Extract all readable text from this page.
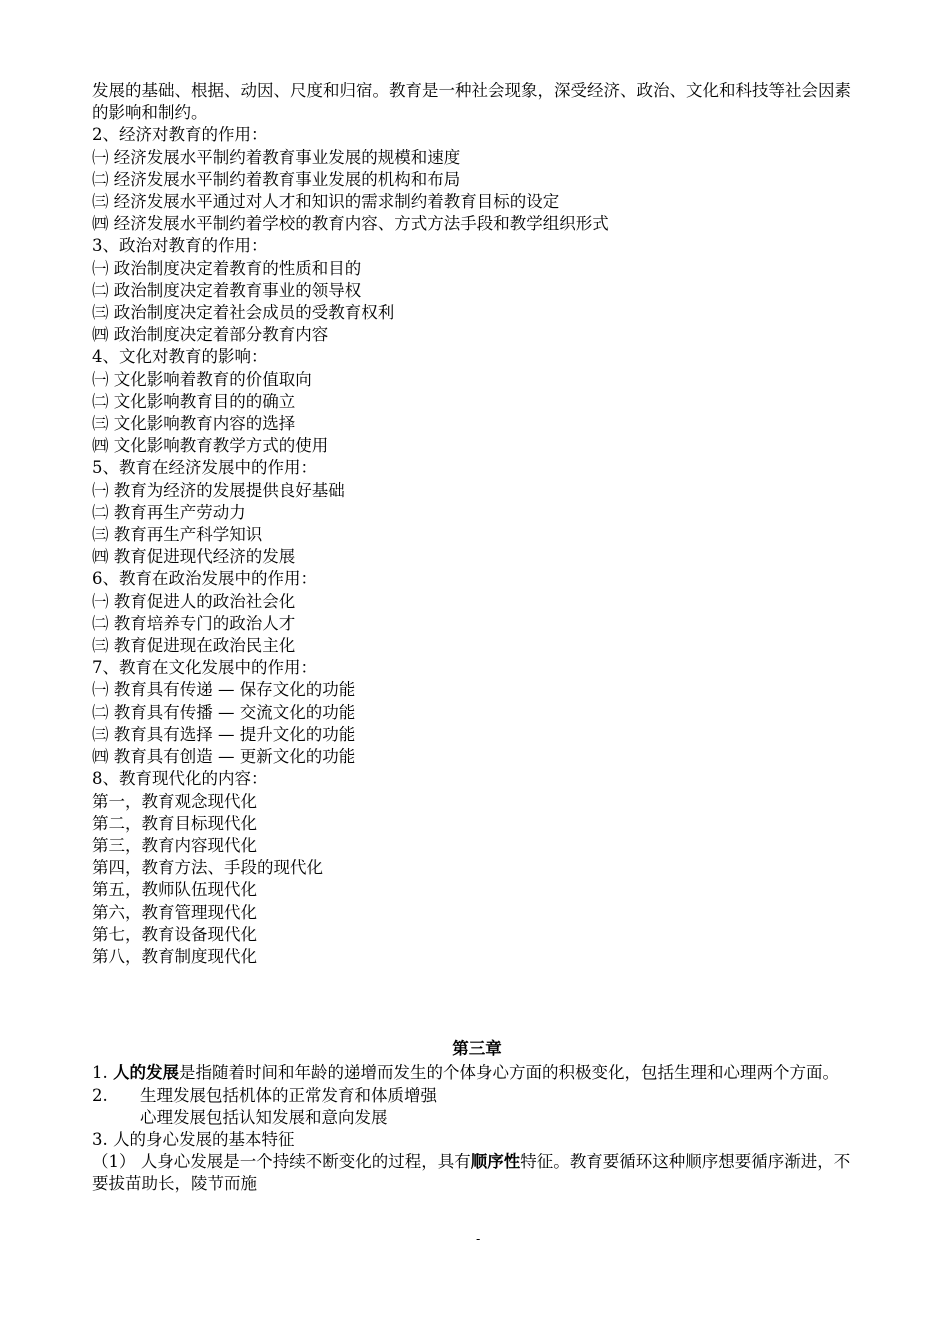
发展的基础、根据、动因、尺度和归宿。教育是一种社会现象，深受经济、政治、文化和科技等社会因素的影响和制约。
2、经济对教育的作用：
㈠ 经济发展水平制约着教育事业发展的规模和速度
㈡ 经济发展水平制约着教育事业发展的机构和布局
㈢ 经济发展水平通过对人才和知识的需求制约着教育目标的设定
㈣ 经济发展水平制约着学校的教育内容、方式方法手段和教学组织形式
3、政治对教育的作用：
㈠ 政治制度决定着教育的性质和目的
㈡ 政治制度决定着教育事业的领导权
㈢ 政治制度决定着社会成员的受教育权利
㈣ 政治制度决定着部分教育内容
4、文化对教育的影响：
㈠ 文化影响着教育的价值取向
㈡ 文化影响教育目的的确立
㈢ 文化影响教育内容的选择
㈣ 文化影响教育教学方式的使用
5、教育在经济发展中的作用：
㈠ 教育为经济的发展提供良好基础
㈡ 教育再生产劳动力
㈢ 教育再生产科学知识
㈣ 教育促进现代经济的发展
6、教育在政治发展中的作用：
㈠ 教育促进人的政治社会化
㈡ 教育培养专门的政治人才
㈢ 教育促进现在政治民主化
7、教育在文化发展中的作用：
㈠ 教育具有传递 — 保存文化的功能
㈡ 教育具有传播 — 交流文化的功能
㈢ 教育具有选择 — 提升文化的功能
㈣ 教育具有创造 — 更新文化的功能
8、教育现代化的内容：
第一，教育观念现代化
第二，教育目标现代化
第三，教育内容现代化
第四，教育方法、手段的现代化
第五，教师队伍现代化
第六，教育管理现代化
第七，教育设备现代化
第八，教育制度现代化
第三章
1. 人的发展是指随着时间和年龄的递增而发生的个体身心方面的积极变化，包括生理和心理两个方面。
2. 生理发展包括机体的正常发育和体质增强
心理发展包括认知发展和意向发展
3. 人的身心发展的基本特征
（1） 人身心发展是一个持续不断变化的过程，具有顺序性特征。教育要循环这种顺序想要循序渐进，不要拔苗助长，陵节而施
-
